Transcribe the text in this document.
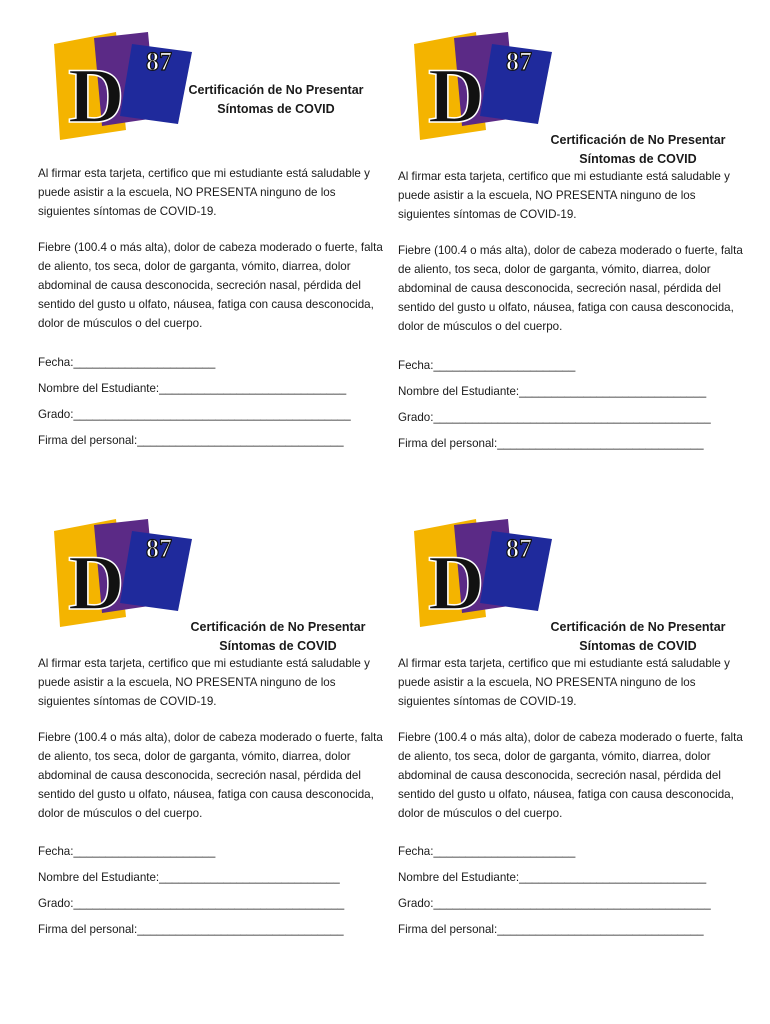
D 87
Certificación de No Presentar
Síntomas de COVID

Al firmar esta tarjeta, certifico que mi estudiante está saludable y puede asistir a la escuela, NO PRESENTA ninguno de los siguientes síntomas de COVID-19.

Fiebre (100.4 o más alta), dolor de cabeza moderado o fuerte, falta de aliento, tos seca, dolor de garganta, vómito, diarrea, dolor abdominal de causa desconocida, secreción nasal, pérdida del sentido del gusto u olfato, náusea, fatiga con causa desconocida, dolor de músculos o del cuerpo.

Fecha:______________________
Nombre del Estudiante:_____________________________
Grado:___________________________________________
Firma del personal:________________________________
D 87
Certificación de No Presentar
Síntomas de COVID

Al firmar esta tarjeta, certifico que mi estudiante está saludable y puede asistir a la escuela, NO PRESENTA ninguno de los siguientes síntomas de COVID-19.

Fiebre (100.4 o más alta), dolor de cabeza moderado o fuerte, falta de aliento, tos seca, dolor de garganta, vómito, diarrea, dolor abdominal de causa desconocida, secreción nasal, pérdida del sentido del gusto u olfato, náusea, fatiga con causa desconocida, dolor de músculos o del cuerpo.

Fecha:______________________
Nombre del Estudiante:_____________________________
Grado:___________________________________________
Firma del personal:________________________________
D 87
Certificación de No Presentar
Síntomas de COVID

Al firmar esta tarjeta, certifico que mi estudiante está saludable y puede asistir a la escuela, NO PRESENTA ninguno de los siguientes síntomas de COVID-19.

Fiebre (100.4 o más alta), dolor de cabeza moderado o fuerte, falta de aliento, tos seca, dolor de garganta, vómito, diarrea, dolor abdominal de causa desconocida, secreción nasal, pérdida del sentido del gusto u olfato, náusea, fatiga con causa desconocida, dolor de músculos o del cuerpo.

Fecha:______________________
Nombre del Estudiante:____________________________
Grado:__________________________________________
Firma del personal:________________________________
D 87
Certificación de No Presentar
Síntomas de COVID

Al firmar esta tarjeta, certifico que mi estudiante está saludable y puede asistir a la escuela, NO PRESENTA ninguno de los siguientes síntomas de COVID-19.

Fiebre (100.4 o más alta), dolor de cabeza moderado o fuerte, falta de aliento, tos seca, dolor de garganta, vómito, diarrea, dolor abdominal de causa desconocida, secreción nasal, pérdida del sentido del gusto u olfato, náusea, fatiga con causa desconocida, dolor de músculos o del cuerpo.

Fecha:______________________
Nombre del Estudiante:_____________________________
Grado:___________________________________________
Firma del personal:________________________________
